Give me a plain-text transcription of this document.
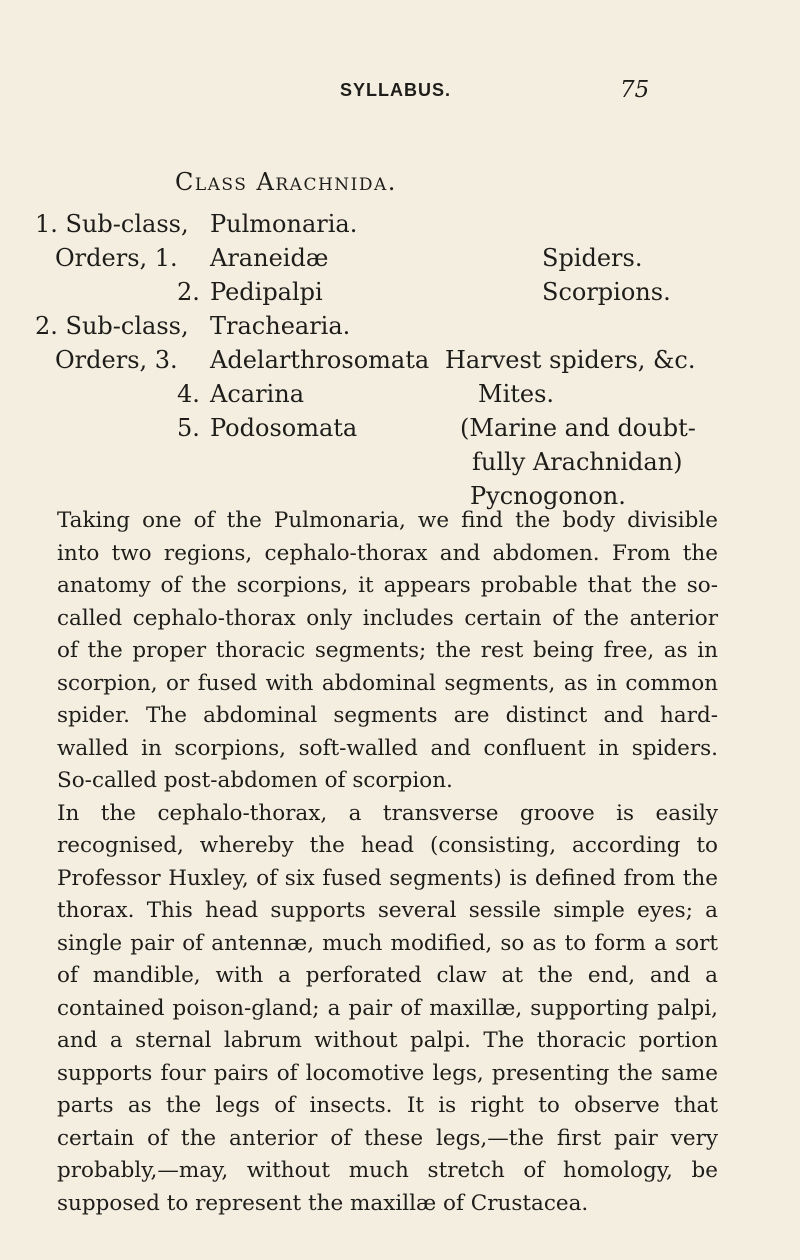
SYLLABUS.	75
Class Arachnida.
1. Sub-class, Pulmonaria.
Orders, 1. Araneidæ	Spiders.
2. Pedipalpi	Scorpions.
2. Sub-class, Trachearia.
Orders, 3. Adelarthrosomata Harvest spiders, &c.
4. Acarina	Mites.
5. Podosomata	(Marine and doubt-
fully Arachnidan)
Pycnogonon.

Taking one of the Pulmonaria, we find the body divisible into two regions, cephalo-thorax and abdomen. From the anatomy of the scorpions, it appears probable that the so-called cephalo-thorax only includes certain of the anterior of the proper thoracic segments; the rest being free, as in scorpion, or fused with abdominal segments, as in common spider. The abdominal segments are distinct and hard-walled in scorpions, soft-walled and confluent in spiders. So-called post-abdomen of scorpion.

In the cephalo-thorax, a transverse groove is easily recognised, whereby the head (consisting, according to Professor Huxley, of six fused segments) is defined from the thorax. This head supports several sessile simple eyes; a single pair of antennæ, much modified, so as to form a sort of mandible, with a perforated claw at the end, and a contained poison-gland; a pair of maxillæ, supporting palpi, and a sternal labrum without palpi. The thoracic portion supports four pairs of locomotive legs, presenting the same parts as the legs of insects. It is right to observe that certain of the anterior of these legs,—the first pair very probably,—may, without much stretch of homology, be supposed to represent the maxillæ of Crustacea.
